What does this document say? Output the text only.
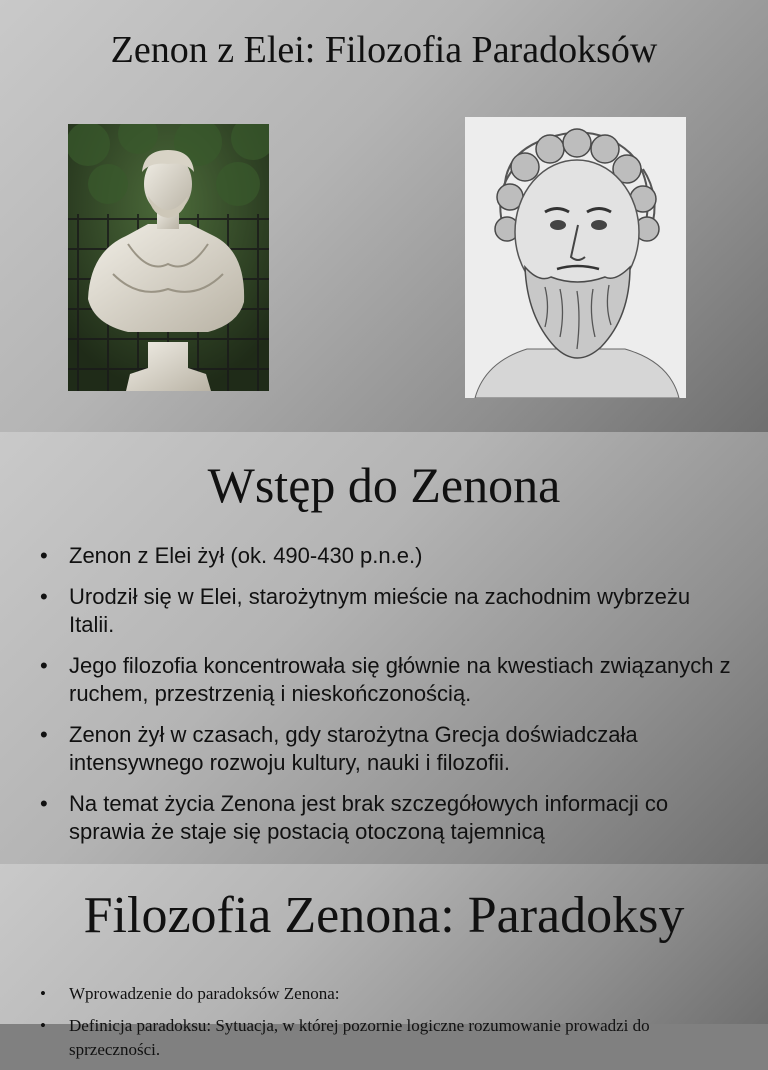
Zenon z Elei: Filozofia Paradoksów
Wstęp do Zenona
• Zenon z Elei żył (ok. 490-430 p.n.e.)
• Urodził się w Elei, starożytnym mieście na zachodnim wybrzeżu Italii.
• Jego filozofia koncentrowała się głównie na kwestiach związanych z ruchem, przestrzenią i nieskończonością.
• Zenon żył w czasach, gdy starożytna Grecja doświadczała intensywnego rozwoju kultury, nauki i filozofii.
• Na temat życia Zenona jest brak szczegółowych informacji co sprawia że staje się postacią otoczoną tajemnicą
Filozofia Zenona: Paradoksy
• Wprowadzenie do paradoksów Zenona:
• Definicja paradoksu: Sytuacja, w której pozornie logiczne rozumowanie prowadzi do sprzeczności.
